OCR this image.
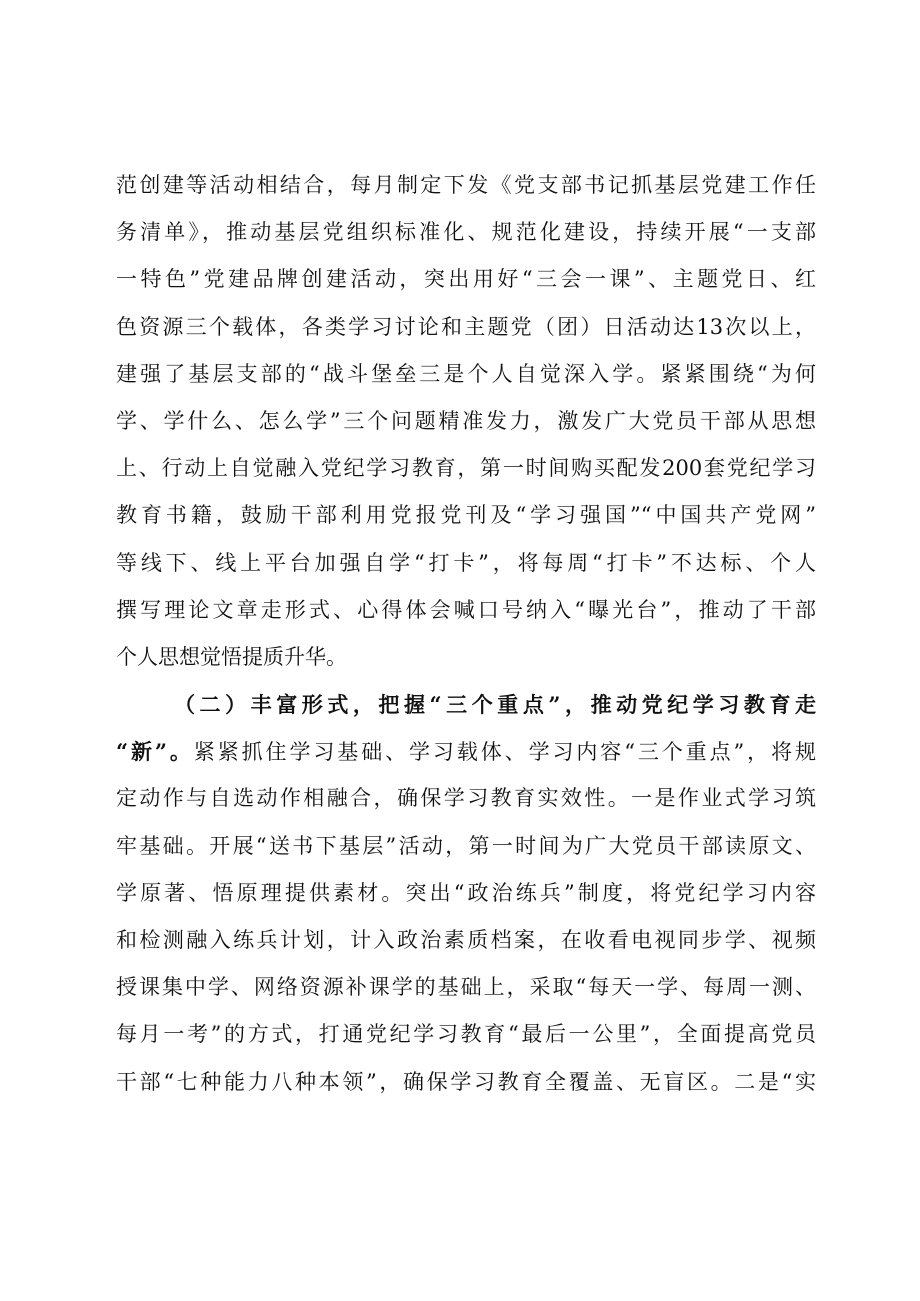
范创建等活动相结合，每月制定下发《党支部书记抓基层党建工作任
务清单》，推动基层党组织标准化、规范化建设，持续开展“一支部
一特色”党建品牌创建活动，突出用好“三会一课”、主题党日、红
色资源三个载体，各类学习讨论和主题党（团）日活动达13次以上，
建强了基层支部的“战斗堡垒三是个人自觉深入学。紧紧围绕“为何
学、学什么、怎么学”三个问题精准发力，激发广大党员干部从思想
上、行动上自觉融入党纪学习教育，第一时间购买配发200套党纪学习
教育书籍，鼓励干部利用党报党刊及“学习强国”“中国共产党网”
等线下、线上平台加强自学“打卡”，将每周“打卡”不达标、个人
撰写理论文章走形式、心得体会喊口号纳入“曝光台”，推动了干部
个人思想觉悟提质升华。
（二）丰富形式，把握“三个重点”，推动党纪学习教育走
“新”。紧紧抓住学习基础、学习载体、学习内容“三个重点”，将规
定动作与自选动作相融合，确保学习教育实效性。一是作业式学习筑
牢基础。开展“送书下基层”活动，第一时间为广大党员干部读原文、
学原著、悟原理提供素材。突出“政治练兵”制度，将党纪学习内容
和检测融入练兵计划，计入政治素质档案，在收看电视同步学、视频
授课集中学、网络资源补课学的基础上，采取“每天一学、每周一测、
每月一考”的方式，打通党纪学习教育“最后一公里”，全面提高党员
干部“七种能力八种本领”，确保学习教育全覆盖、无盲区。二是“实
